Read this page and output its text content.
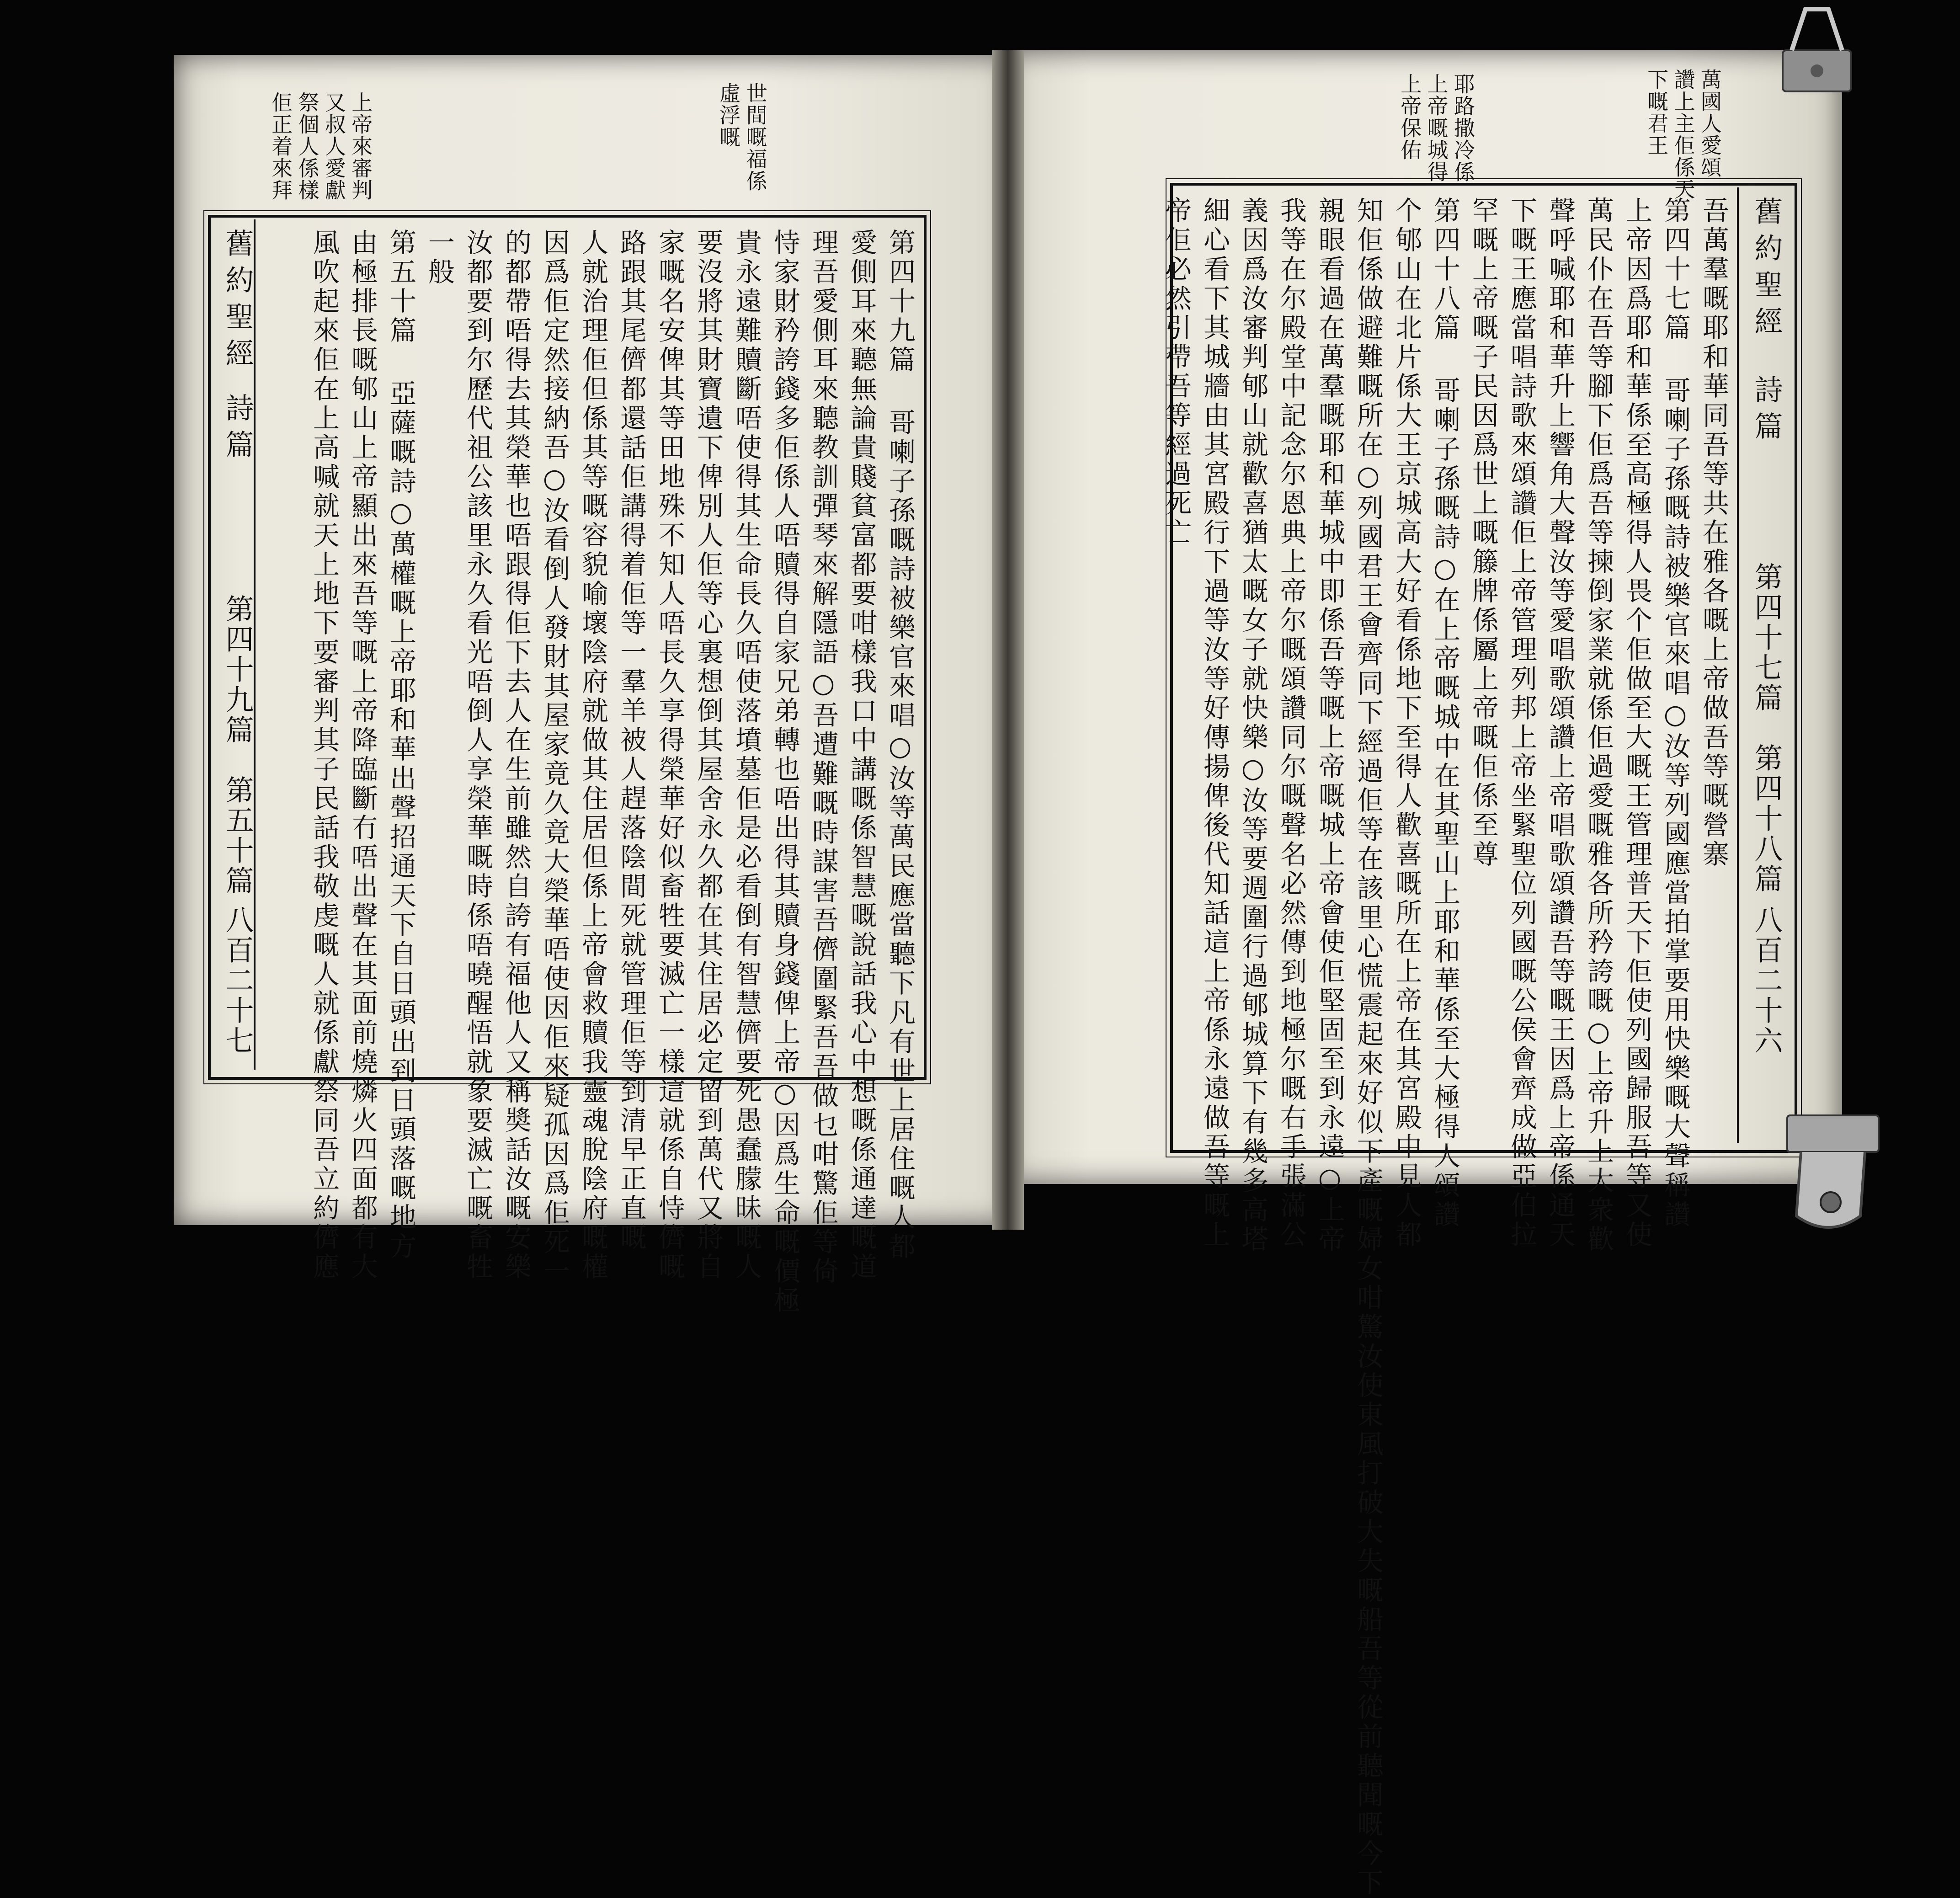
世間嘅福係
虛浮嘅
上帝來審判
又叔人愛獻
祭個人係樣
佢正着來拜
舊約聖經
詩篇
第四十九篇　第五十篇
八百二十七	第四十九篇 哥喇子孫嘅詩被樂官來唱○汝等萬民應當聽下凡有世上居住嘅人都
愛側耳來聽無論貴賤貧富都要咁樣我口中講嘅係智慧嘅說話我心中想嘅係通達嘅道
理吾愛側耳來聽教訓彈琴來解隱語○吾遭難嘅時謀害吾儕圍緊吾吾做乜咁驚佢等倚
恃家財矜誇錢多佢係人唔贖得自家兄弟轉也唔出得其贖身錢俾上帝○因爲生命嘅價極
貴永遠難贖斷唔使得其生命長久唔使落墳墓佢是必看倒有智慧儕要死愚蠢朦昧嘅人
要沒將其財寶遺下俾別人佢等心裏想倒其屋舍永久都在其住居必定留到萬代又將自
家嘅名安俾其等田地殊不知人唔長久享得榮華好似畜牲要滅亡一樣這就係自恃儕嘅
路跟其尾儕都還話佢講得着佢等一羣羊被人趕落陰間死就管理佢等到清早正直嘅
人就治理佢但係其等嘅容貌喻壞陰府就做其住居但係上帝會救贖我靈魂脫陰府嘅權
因爲佢定然接納吾○汝看倒人發財其屋家竟久竟大榮華唔使因佢來疑孤因爲佢死一
的都帶唔得去其榮華也唔跟得佢下去人在生前雖然自誇有福他人又稱奬話汝嘅安樂
汝都要到尔歷代祖公該里永久看光唔倒人享榮華嘅時係唔曉醒悟就象要滅亡嘅畜牲
一般
第五十篇 亞薩嘅詩○萬權嘅上帝耶和華出聲招通天下自日頭出到日頭落嘅地方
由極排長嘅郇山上帝顯出來吾等嘅上帝降臨斷冇唔出聲在其面前燒燐火四面都有大
風吹起來佢在上高喊就天上地下要審判其子民話我敬虔嘅人就係獻祭同吾立約儕應
萬國人愛頌
讚上主佢係天
下嘅君王
耶路撒冷係
上帝嘅城得
上帝保佑
舊約聖經
詩篇
第四十七篇　第四十八篇
八百二十六
吾萬羣嘅耶和華同吾等共在雅各嘅上帝做吾等嘅營寨
第四十七篇 哥喇子孫嘅詩被樂官來唱○汝等列國應當拍掌要用快樂嘅大聲稱讚
上帝因爲耶和華係至高極得人畏个佢做至大嘅王管理普天下佢使列國歸服吾等又使
萬民仆在吾等腳下佢爲吾等揀倒家業就係佢過愛嘅雅各所矜誇嘅○上帝升上大衆歡
聲呼喊耶和華升上響角大聲汝等愛唱歌頌讚上帝唱歌頌讚吾等嘅王因爲上帝係通天
下嘅王應當唱詩歌來頌讚佢上帝管理列邦上帝坐緊聖位列國嘅公侯會齊成做亞伯拉
罕嘅上帝嘅子民因爲世上嘅籐牌係屬上帝嘅佢係至尊
第四十八篇 哥喇子孫嘅詩○在上帝嘅城中在其聖山上耶和華係至大極得人頌讚
个郇山在北片係大王京城高大好看係地下至得人歡喜嘅所在上帝在其宮殿中見人都
知佢係做避難嘅所在○列國君王會齊同下經過佢等在該里心慌震起來好似下產嘅婦女咁驚汝使東風打破大失嘅船吾等從前聽聞嘅今下
親眼看過在萬羣嘅耶和華城中即係吾等嘅上帝嘅城上帝會使佢堅固至到永遠○上帝
我等在尔殿堂中記念尔恩典上帝尔嘅頌讚同尔嘅聲名必然傳到地極尔嘅右手張滿公
義因爲汝審判郇山就歡喜猶太嘅女子就快樂○汝等要週圍行過郇城算下有幾多高塔
細心看下其城牆由其宮殿行下過等汝等好傳揚俾後代知話這上帝係永遠做吾等嘅上
帝佢必然引帶吾等經過死亡
